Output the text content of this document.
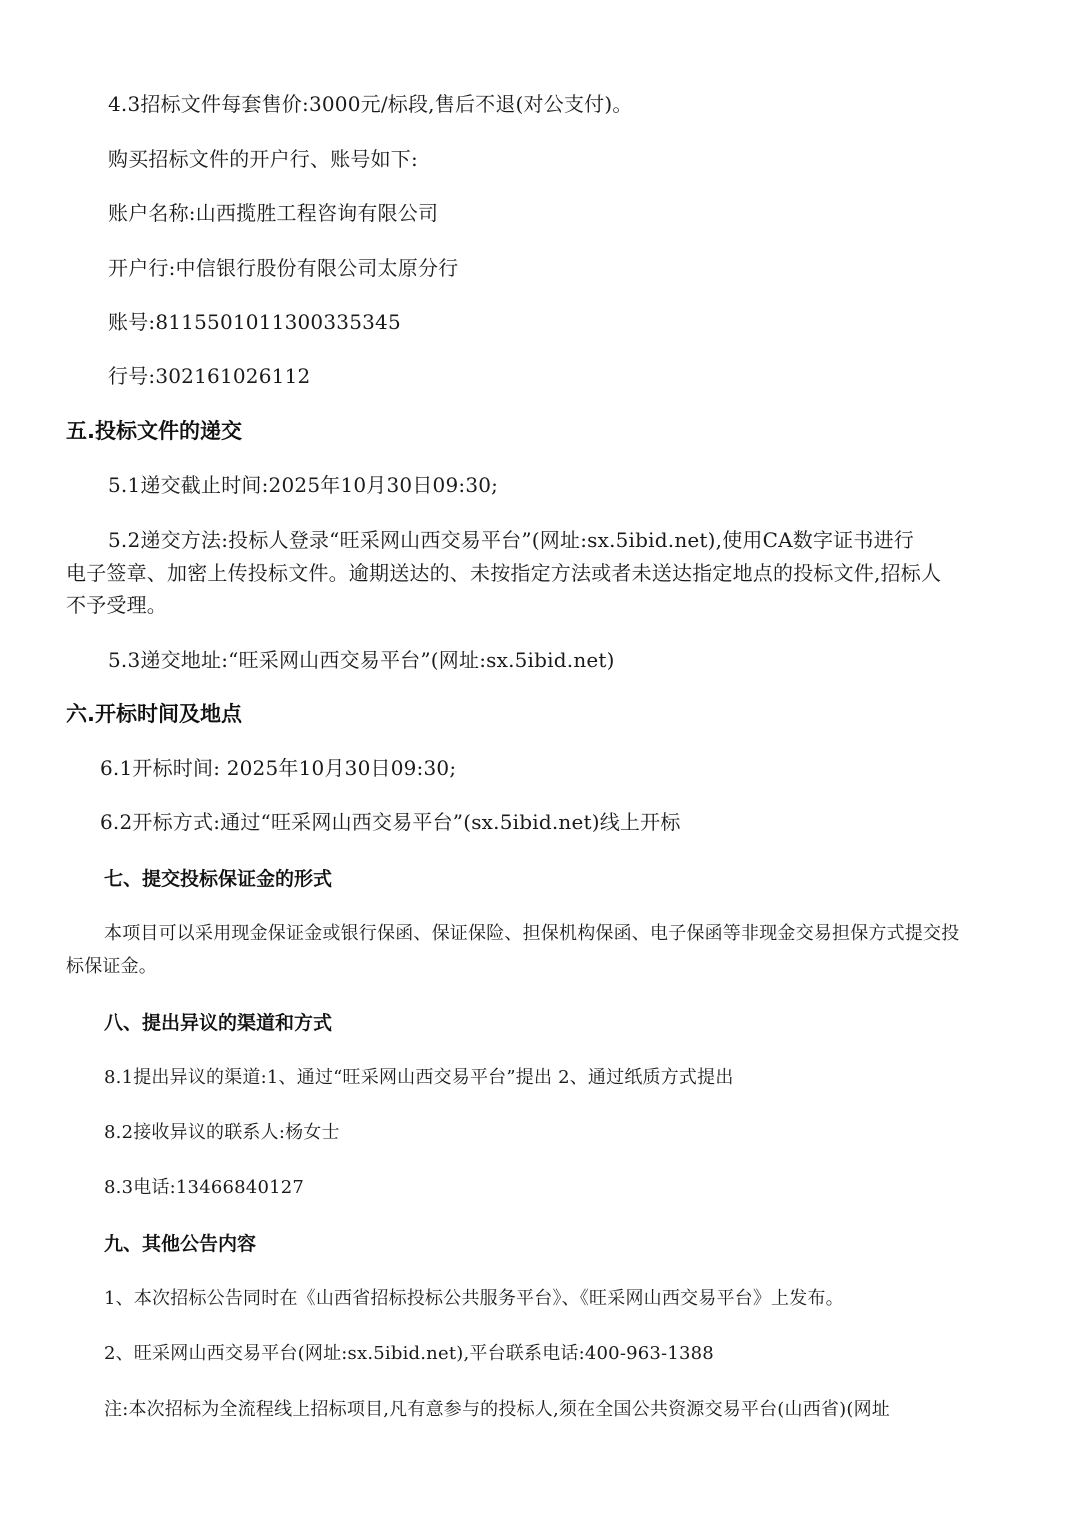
4.3招标文件每套售价:3000元/标段,售后不退(对公支付)。
购买招标文件的开户行、账号如下:
账户名称:山西揽胜工程咨询有限公司
开户行:中信银行股份有限公司太原分行
账号:8115501011300335345
行号:302161026112
五.投标文件的递交
5.1递交截止时间:2025年10月30日09:30;
5.2递交方法:投标人登录“旺采网山西交易平台”(网址:sx.5ibid.net),使用CA数字证书进行
电子签章、加密上传投标文件。逾期送达的、未按指定方法或者未送达指定地点的投标文件,招标人
不予受理。
5.3递交地址:“旺采网山西交易平台”(网址:sx.5ibid.net)
六.开标时间及地点
6.1开标时间: 2025年10月30日09:30;
6.2开标方式:通过“旺采网山西交易平台”(sx.5ibid.net)线上开标
七、提交投标保证金的形式
本项目可以采用现金保证金或银行保函、保证保险、担保机构保函、电子保函等非现金交易担保方式提交投
标保证金。
八、提出异议的渠道和方式
8.1提出异议的渠道:1、通过“旺采网山西交易平台”提出 2、通过纸质方式提出
8.2接收异议的联系人:杨女士
8.3电话:13466840127
九、其他公告内容
1、本次招标公告同时在《山西省招标投标公共服务平台》、《旺采网山西交易平台》上发布。
2、旺采网山西交易平台(网址:sx.5ibid.net),平台联系电话:400-963-1388
注:本次招标为全流程线上招标项目,凡有意参与的投标人,须在全国公共资源交易平台(山西省)(网址
